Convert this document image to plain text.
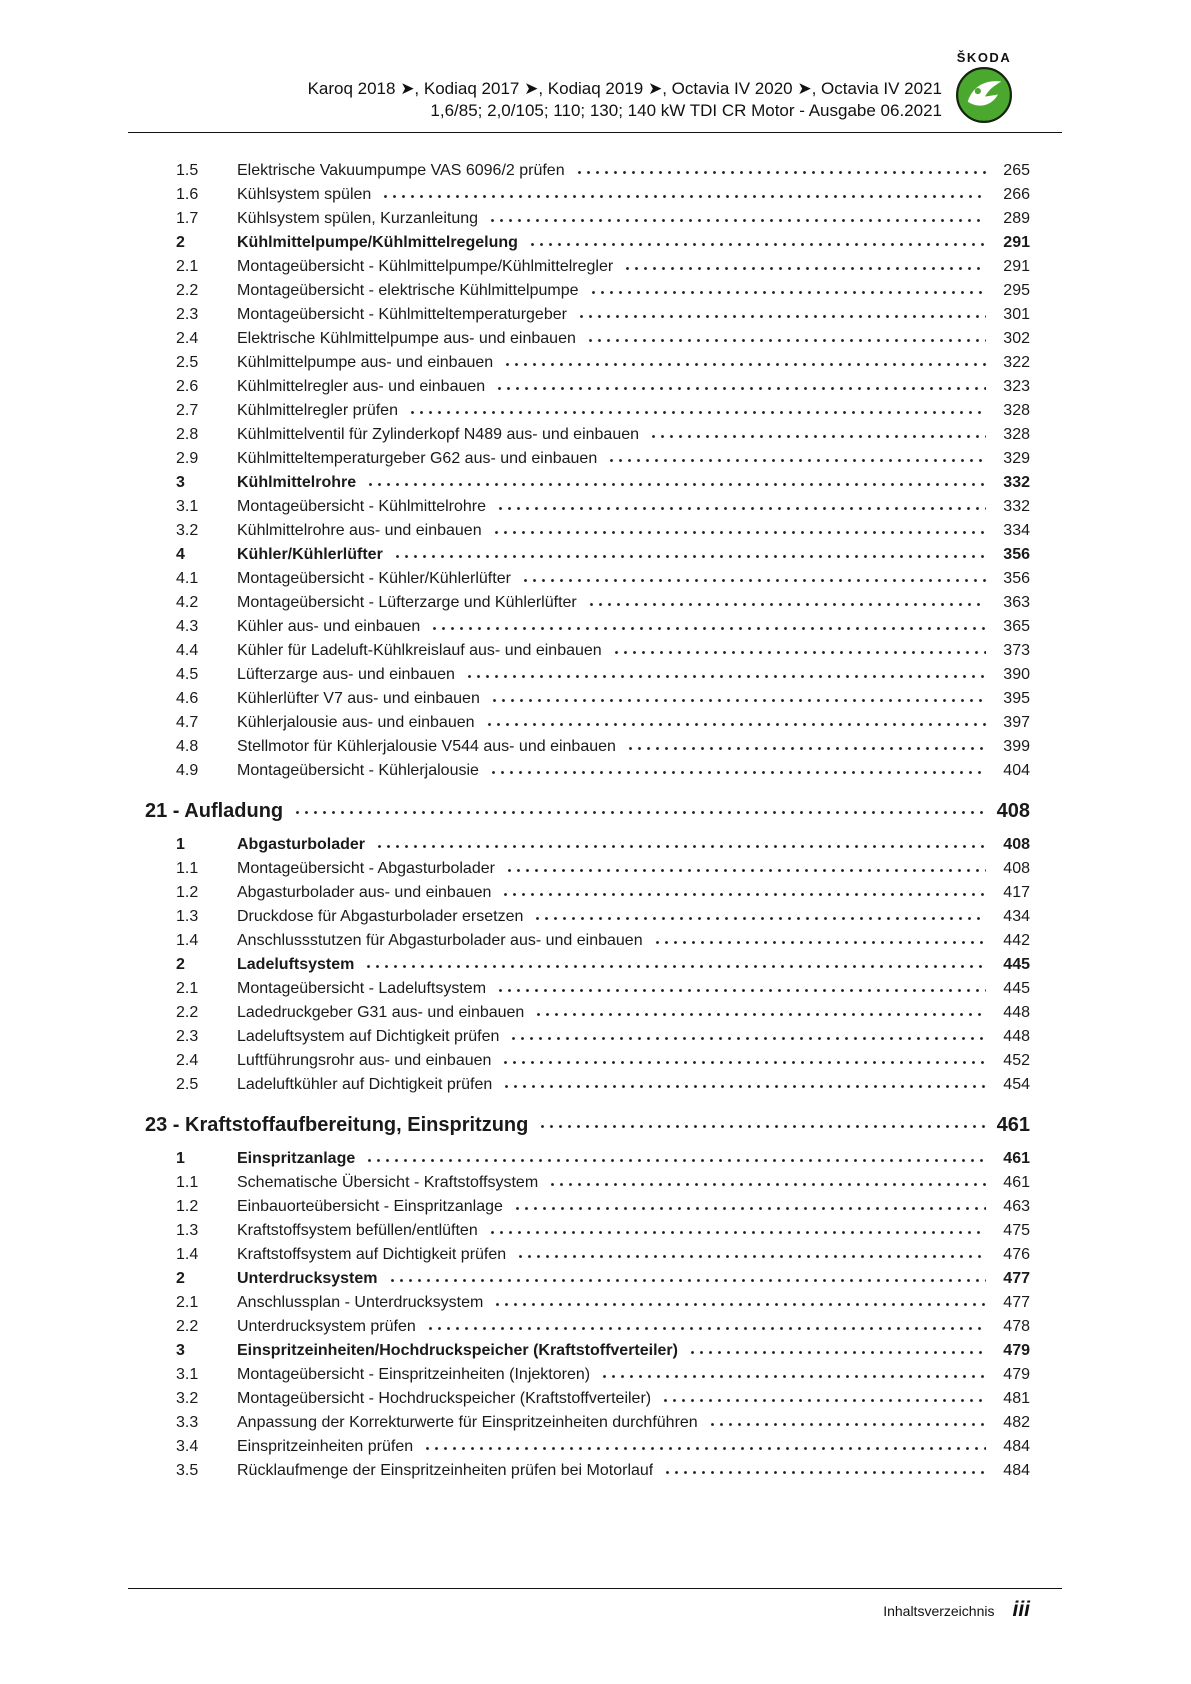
Karoq 2018 ➤, Kodiaq 2017 ➤, Kodiaq 2019 ➤, Octavia IV 2020 ➤, Octavia IV 2021
1,6/85; 2,0/105; 110; 130; 140 kW TDI CR Motor - Ausgabe 06.2021
ŠKODA
1.5	Elektrische Vakuumpumpe VAS 6096/2 prüfen	265
1.6	Kühlsystem spülen	266
1.7	Kühlsystem spülen, Kurzanleitung	289
2	Kühlmittelpumpe/Kühlmittelregelung	291
2.1	Montageübersicht - Kühlmittelpumpe/Kühlmittelregler	291
2.2	Montageübersicht - elektrische Kühlmittelpumpe	295
2.3	Montageübersicht - Kühlmitteltemperaturgeber	301
2.4	Elektrische Kühlmittelpumpe aus- und einbauen	302
2.5	Kühlmittelpumpe aus- und einbauen	322
2.6	Kühlmittelregler aus- und einbauen	323
2.7	Kühlmittelregler prüfen	328
2.8	Kühlmittelventil für Zylinderkopf N489 aus- und einbauen	328
2.9	Kühlmitteltemperaturgeber G62 aus- und einbauen	329
3	Kühlmittelrohre	332
3.1	Montageübersicht - Kühlmittelrohre	332
3.2	Kühlmittelrohre aus- und einbauen	334
4	Kühler/Kühlerlüfter	356
4.1	Montageübersicht - Kühler/Kühlerlüfter	356
4.2	Montageübersicht - Lüfterzarge und Kühlerlüfter	363
4.3	Kühler aus- und einbauen	365
4.4	Kühler für Ladeluft-Kühlkreislauf aus- und einbauen	373
4.5	Lüfterzarge aus- und einbauen	390
4.6	Kühlerlüfter V7 aus- und einbauen	395
4.7	Kühlerjalousie aus- und einbauen	397
4.8	Stellmotor für Kühlerjalousie V544 aus- und einbauen	399
4.9	Montageübersicht - Kühlerjalousie	404
21 - Aufladung	408
1	Abgasturbolader	408
1.1	Montageübersicht - Abgasturbolader	408
1.2	Abgasturbolader aus- und einbauen	417
1.3	Druckdose für Abgasturbolader ersetzen	434
1.4	Anschlussstutzen für Abgasturbolader aus- und einbauen	442
2	Ladeluftsystem	445
2.1	Montageübersicht - Ladeluftsystem	445
2.2	Ladedruckgeber G31 aus- und einbauen	448
2.3	Ladeluftsystem auf Dichtigkeit prüfen	448
2.4	Luftführungsrohr aus- und einbauen	452
2.5	Ladeluftkühler auf Dichtigkeit prüfen	454
23 - Kraftstoffaufbereitung, Einspritzung	461
1	Einspritzanlage	461
1.1	Schematische Übersicht - Kraftstoffsystem	461
1.2	Einbauorteübersicht - Einspritzanlage	463
1.3	Kraftstoffsystem befüllen/entlüften	475
1.4	Kraftstoffsystem auf Dichtigkeit prüfen	476
2	Unterdrucksystem	477
2.1	Anschlussplan - Unterdrucksystem	477
2.2	Unterdrucksystem prüfen	478
3	Einspritzeinheiten/Hochdruckspeicher (Kraftstoffverteiler)	479
3.1	Montageübersicht - Einspritzeinheiten (Injektoren)	479
3.2	Montageübersicht - Hochdruckspeicher (Kraftstoffverteiler)	481
3.3	Anpassung der Korrekturwerte für Einspritzeinheiten durchführen	482
3.4	Einspritzeinheiten prüfen	484
3.5	Rücklaufmenge der Einspritzeinheiten prüfen bei Motorlauf	484
Inhaltsverzeichnis iii
